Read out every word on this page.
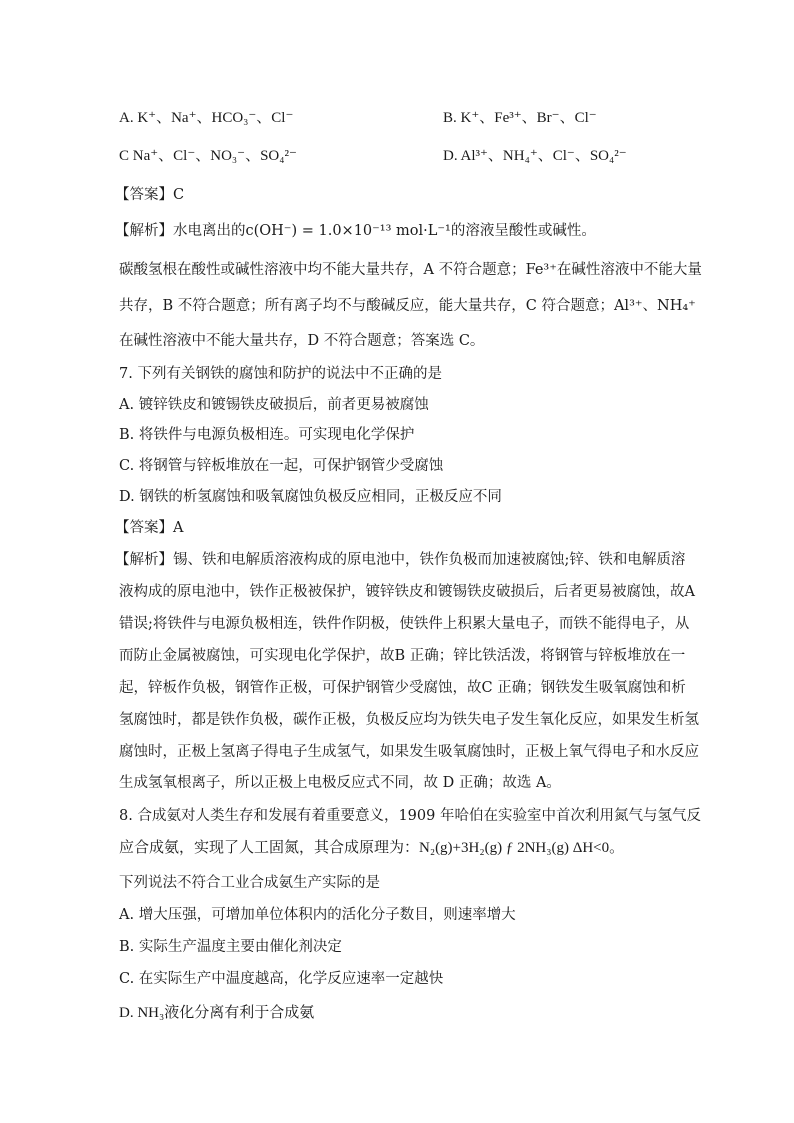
A. K⁺、Na⁺、HCO₃⁻、Cl⁻	B. K⁺、Fe³⁺、Br⁻、Cl⁻
C Na⁺、Cl⁻、NO₃⁻、SO₄²⁻	D. Al³⁺、NH₄⁺、Cl⁻、SO₄²⁻
【答案】C
【解析】水电离出的c(OH⁻) = 1.0×10⁻¹³ mol·L⁻¹的溶液呈酸性或碱性。
碳酸氢根在酸性或碱性溶液中均不能大量共存，A 不符合题意；Fe³⁺在碱性溶液中不能大量
共存，B 不符合题意；所有离子均不与酸碱反应，能大量共存，C 符合题意；Al³⁺、NH₄⁺
在碱性溶液中不能大量共存，D 不符合题意；答案选 C。
7. 下列有关钢铁的腐蚀和防护的说法中不正确的是
A. 镀锌铁皮和镀锡铁皮破损后，前者更易被腐蚀
B. 将铁件与电源负极相连。可实现电化学保护
C. 将钢管与锌板堆放在一起，可保护钢管少受腐蚀
D. 钢铁的析氢腐蚀和吸氧腐蚀负极反应相同，正极反应不同
【答案】A
【解析】锡、铁和电解质溶液构成的原电池中，铁作负极而加速被腐蚀;锌、铁和电解质溶
液构成的原电池中，铁作正极被保护，镀锌铁皮和镀锡铁皮破损后，后者更易被腐蚀，故A
错误;将铁件与电源负极相连，铁件作阴极，使铁件上积累大量电子，而铁不能得电子，从
而防止金属被腐蚀，可实现电化学保护，故B 正确；锌比铁活泼，将钢管与锌板堆放在一
起，锌板作负极，钢管作正极，可保护钢管少受腐蚀，故C 正确；钢铁发生吸氧腐蚀和析
氢腐蚀时，都是铁作负极，碳作正极，负极反应均为铁失电子发生氧化反应，如果发生析氢
腐蚀时，正极上氢离子得电子生成氢气，如果发生吸氧腐蚀时，正极上氧气得电子和水反应
生成氢氧根离子，所以正极上电极反应式不同，故 D 正确；故选 A。
8. 合成氨对人类生存和发展有着重要意义，1909 年哈伯在实验室中首次利用氮气与氢气反
应合成氨，实现了人工固氮，其合成原理为：N₂(g)+3H₂(g) ƒ 2NH₃(g) ΔH<0。
下列说法不符合工业合成氨生产实际的是
A. 增大压强，可增加单位体积内的活化分子数目，则速率增大
B. 实际生产温度主要由催化剂决定
C. 在实际生产中温度越高，化学反应速率一定越快
D. NH₃液化分离有利于合成氨
